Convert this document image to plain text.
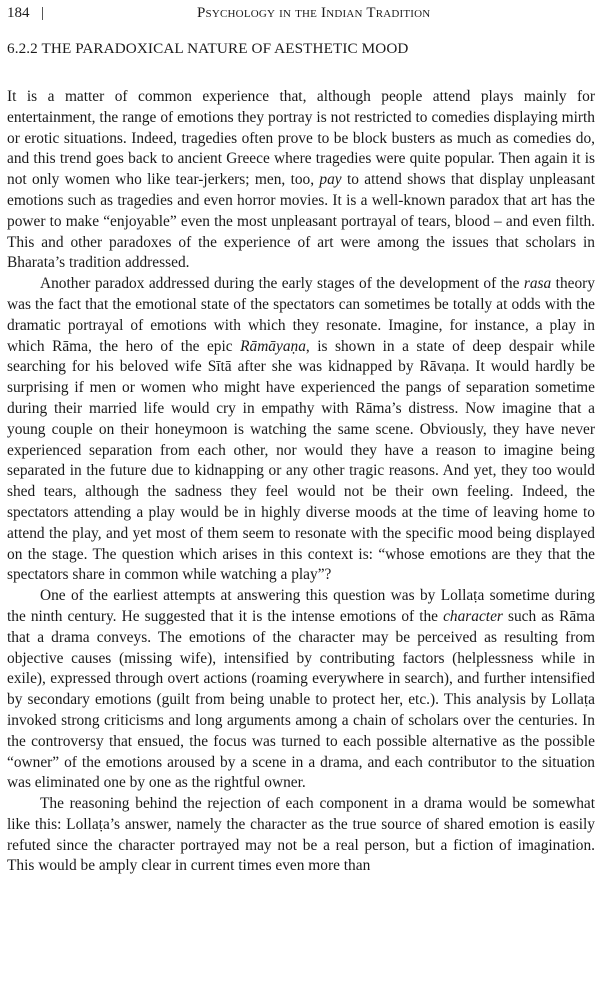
184 |	Psychology in the Indian Tradition
6.2.2 THE PARADOXICAL NATURE OF AESTHETIC MOOD

It is a matter of common experience that, although people attend plays mainly for entertainment, the range of emotions they portray is not restricted to comedies displaying mirth or erotic situations. Indeed, tragedies often prove to be block busters as much as comedies do, and this trend goes back to ancient Greece where tragedies were quite popular. Then again it is not only women who like tear-jerkers; men, too, pay to attend shows that display unpleasant emotions such as tragedies and even horror movies. It is a well-known paradox that art has the power to make “enjoyable” even the most unpleasant portrayal of tears, blood – and even filth. This and other paradoxes of the experience of art were among the issues that scholars in Bharata’s tradition addressed.

Another paradox addressed during the early stages of the development of the rasa theory was the fact that the emotional state of the spectators can sometimes be totally at odds with the dramatic portrayal of emotions with which they resonate. Imagine, for instance, a play in which Rāma, the hero of the epic Rāmāyaṇa, is shown in a state of deep despair while searching for his beloved wife Sītā after she was kidnapped by Rāvaṇa. It would hardly be surprising if men or women who might have experienced the pangs of separation sometime during their married life would cry in empathy with Rāma’s distress. Now imagine that a young couple on their honeymoon is watching the same scene. Obviously, they have never experienced separation from each other, nor would they have a reason to imagine being separated in the future due to kidnapping or any other tragic reasons. And yet, they too would shed tears, although the sadness they feel would not be their own feeling. Indeed, the spectators attending a play would be in highly diverse moods at the time of leaving home to attend the play, and yet most of them seem to resonate with the specific mood being displayed on the stage. The question which arises in this context is: “whose emotions are they that the spectators share in common while watching a play”?

One of the earliest attempts at answering this question was by Lollaṭa sometime during the ninth century. He suggested that it is the intense emotions of the character such as Rāma that a drama conveys. The emotions of the character may be perceived as resulting from objective causes (missing wife), intensified by contributing factors (helplessness while in exile), expressed through overt actions (roaming everywhere in search), and further intensified by secondary emotions (guilt from being unable to protect her, etc.). This analysis by Lollaṭa invoked strong criticisms and long arguments among a chain of scholars over the centuries. In the controversy that ensued, the focus was turned to each possible alternative as the possible “owner” of the emotions aroused by a scene in a drama, and each contributor to the situation was eliminated one by one as the rightful owner.

The reasoning behind the rejection of each component in a drama would be somewhat like this: Lollaṭa’s answer, namely the character as the true source of shared emotion is easily refuted since the character portrayed may not be a real person, but a fiction of imagination. This would be amply clear in current times even more than
